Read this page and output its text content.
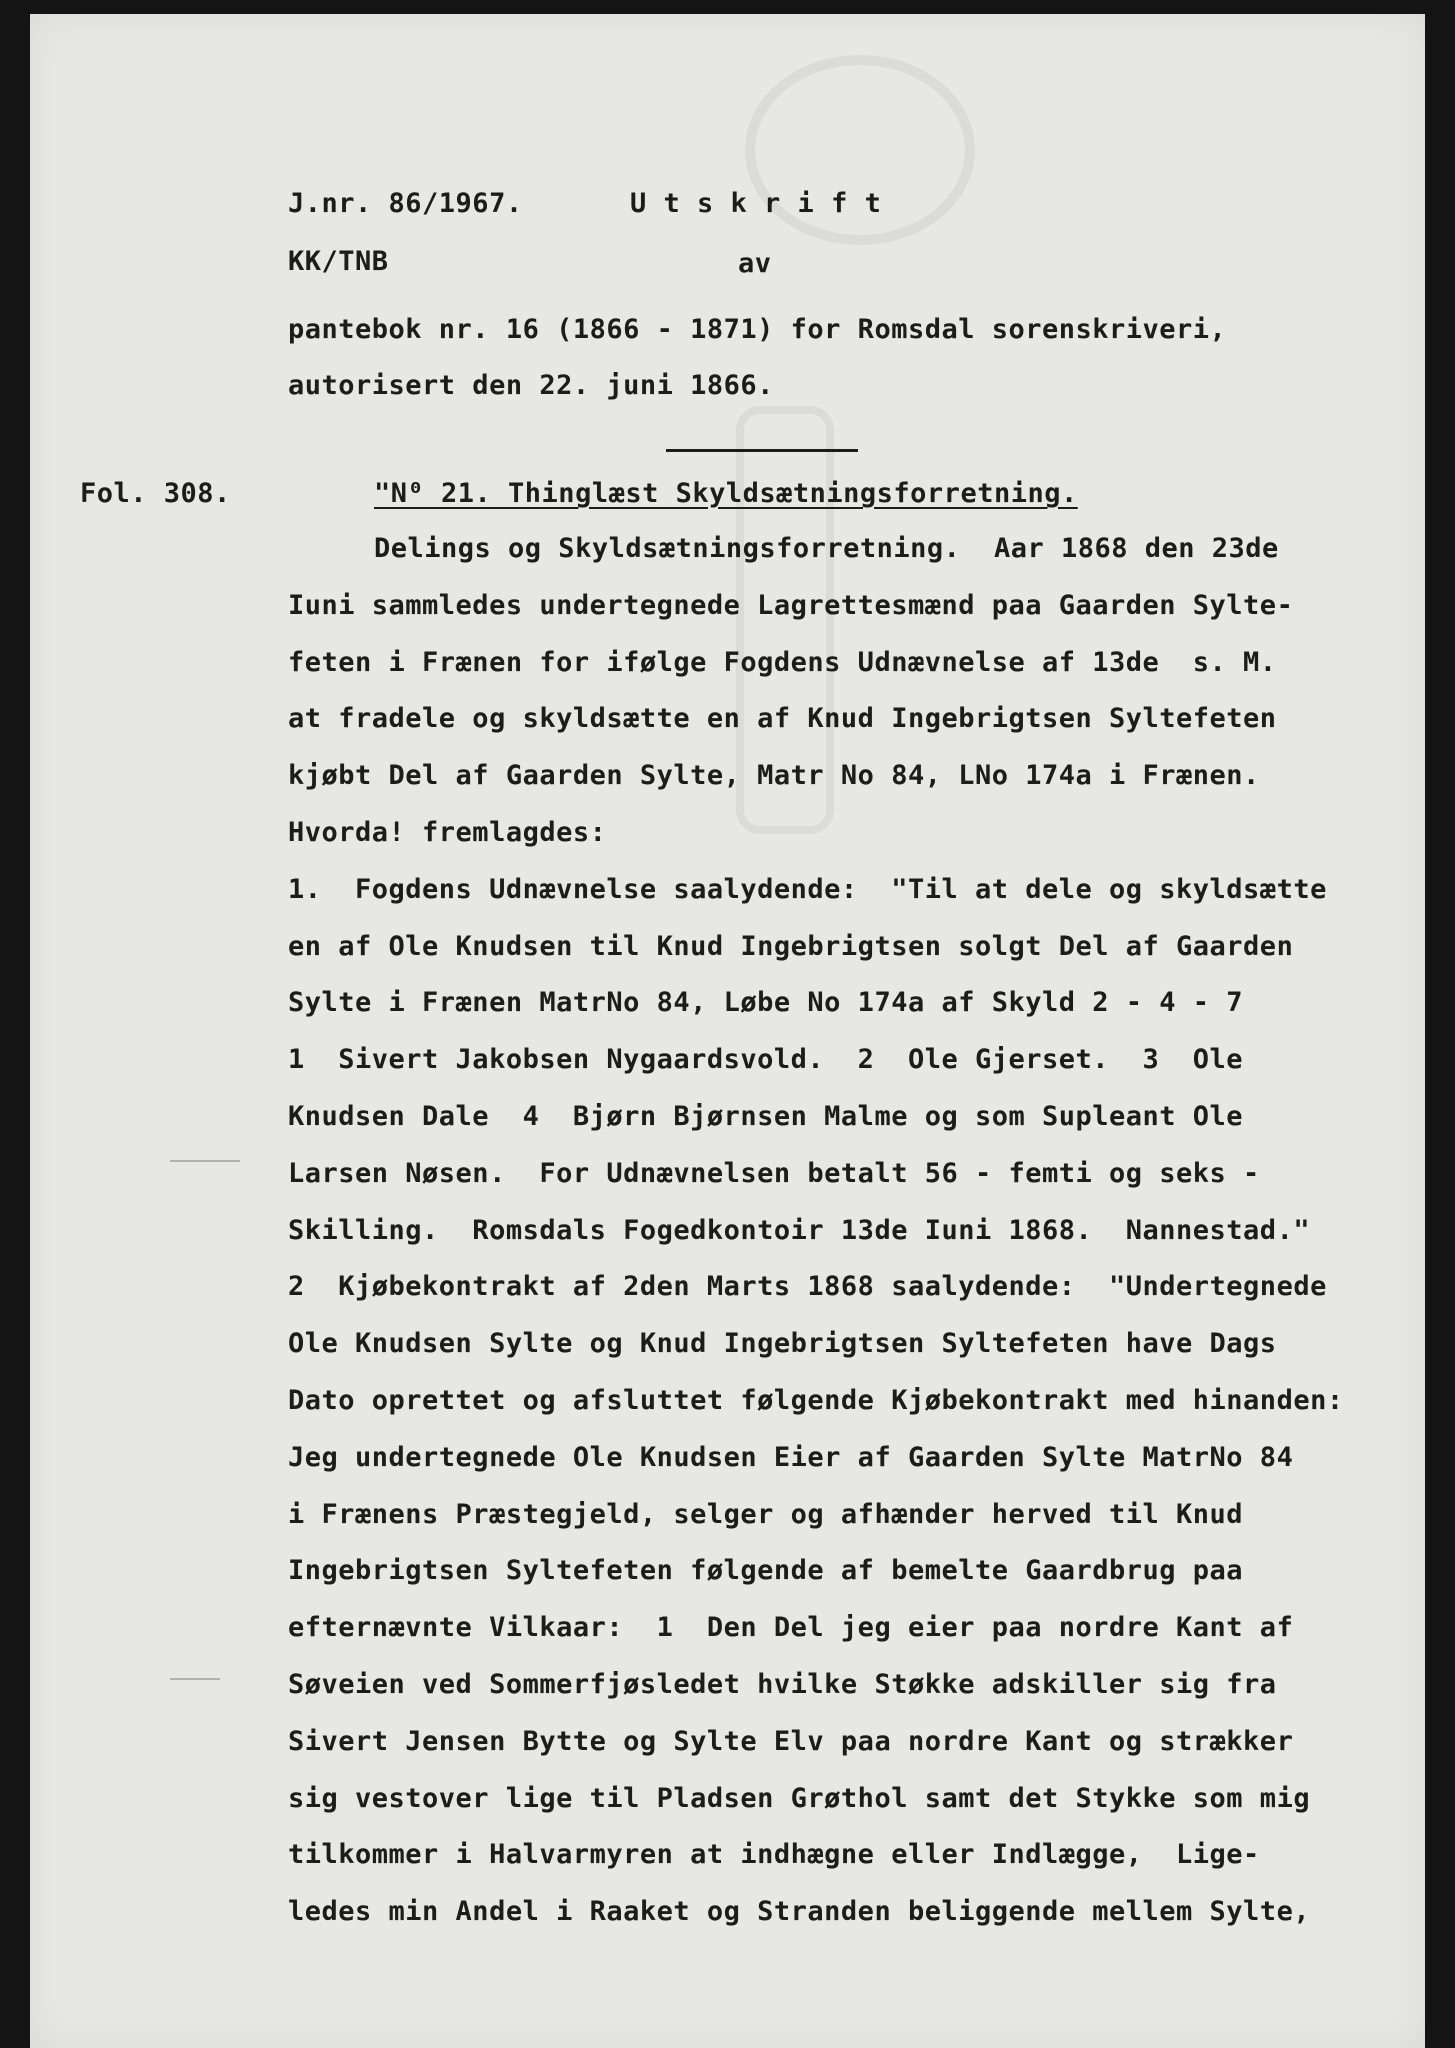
J.nr. 86/1967.	U t s k r i f t
KK/TNB	av
pantebok nr. 16 (1866 - 1871) for Romsdal sorenskriveri,
autorisert den 22. juni 1866.
Fol. 308.	"N⁰ 21. Thinglæst Skyldsætningsforretning.
Delings og Skyldsætningsforretning.  Aar 1868 den 23de
Iuni sammledes undertegnede Lagrettesmænd paa Gaarden Sylte-
feten i Frænen for ifølge Fogdens Udnævnelse af 13de  s. M.
at fradele og skyldsætte en af Knud Ingebrigtsen Syltefeten
kjøbt Del af Gaarden Sylte, Matr No 84, LNo 174a i Frænen.
Hvorda! fremlagdes:
1.  Fogdens Udnævnelse saalydende:  "Til at dele og skyldsætte
en af Ole Knudsen til Knud Ingebrigtsen solgt Del af Gaarden
Sylte i Frænen MatrNo 84, Løbe No 174a af Skyld 2 - 4 - 7
1  Sivert Jakobsen Nygaardsvold.  2  Ole Gjerset.  3  Ole
Knudsen Dale  4  Bjørn Bjørnsen Malme og som Supleant Ole
Larsen Nøsen.  For Udnævnelsen betalt 56 - femti og seks -
Skilling.  Romsdals Fogedkontoir 13de Iuni 1868.  Nannestad."
2  Kjøbekontrakt af 2den Marts 1868 saalydende:  "Undertegnede
Ole Knudsen Sylte og Knud Ingebrigtsen Syltefeten have Dags
Dato oprettet og afsluttet følgende Kjøbekontrakt med hinanden:
Jeg undertegnede Ole Knudsen Eier af Gaarden Sylte MatrNo 84
i Frænens Præstegjeld, selger og afhænder herved til Knud
Ingebrigtsen Syltefeten følgende af bemelte Gaardbrug paa
efternævnte Vilkaar:  1  Den Del jeg eier paa nordre Kant af
Søveien ved Sommerfjøsledet hvilke Støkke adskiller sig fra
Sivert Jensen Bytte og Sylte Elv paa nordre Kant og strækker
sig vestover lige til Pladsen Grøthol samt det Stykke som mig
tilkommer i Halvarmyren at indhægne eller Indlægge,  Lige-
ledes min Andel i Raaket og Stranden beliggende mellem Sylte,
